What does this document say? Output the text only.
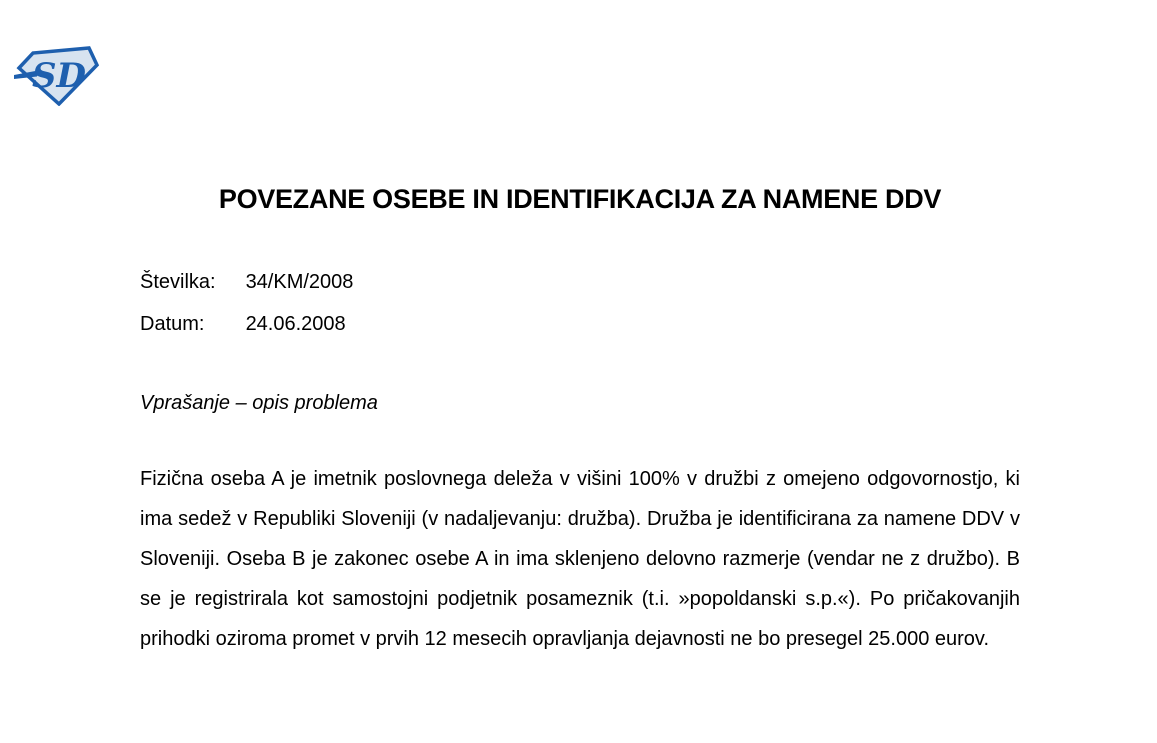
SD
POVEZANE OSEBE IN IDENTIFIKACIJA ZA NAMENE DDV
Številka: 34/KM/2008
Datum: 24.06.2008
Vprašanje – opis problema

Fizična oseba A je imetnik poslovnega deleža v višini 100% v družbi z omejeno odgovornostjo, ki ima sedež v Republiki Sloveniji (v nadaljevanju: družba). Družba je identificirana za namene DDV v Sloveniji. Oseba B je zakonec osebe A in ima sklenjeno delovno razmerje (vendar ne z družbo). B se je registrirala kot samostojni podjetnik posameznik (t.i. »popoldanski s.p.«). Po pričakovanjih prihodki oziroma promet v prvih 12 mesecih opravljanja dejavnosti ne bo presegel 25.000 eurov.
